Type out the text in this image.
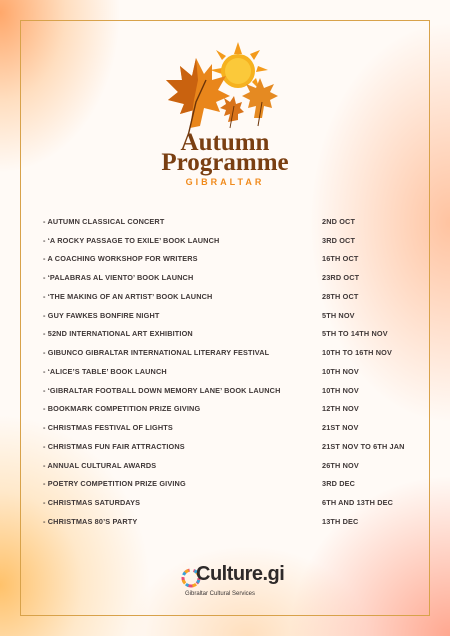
Autumn
Programme
GIBRALTAR
- AUTUMN CLASSICAL CONCERT	2ND OCT
- ‘A ROCKY PASSAGE TO EXILE’ BOOK LAUNCH	3RD OCT
- A COACHING WORKSHOP FOR WRITERS	16TH OCT
- ‘PALABRAS AL VIENTO’ BOOK LAUNCH	23RD OCT
- ‘THE MAKING OF AN ARTIST’ BOOK LAUNCH	28TH OCT
- GUY FAWKES BONFIRE NIGHT	5TH NOV
- 52ND INTERNATIONAL ART EXHIBITION	5TH TO 14TH NOV
- GIBUNCO GIBRALTAR INTERNATIONAL LITERARY FESTIVAL	10TH TO 16TH NOV
- ‘ALICE’S TABLE’ BOOK LAUNCH	10TH NOV
- ‘GIBRALTAR FOOTBALL DOWN MEMORY LANE’ BOOK LAUNCH	10TH NOV
- BOOKMARK COMPETITION PRIZE GIVING	12TH NOV
- CHRISTMAS FESTIVAL OF LIGHTS	21ST NOV
- CHRISTMAS FUN FAIR ATTRACTIONS	21ST NOV TO 6TH JAN
- ANNUAL CULTURAL AWARDS	26TH NOV
- POETRY COMPETITION PRIZE GIVING	3RD DEC
- CHRISTMAS SATURDAYS	6TH AND 13TH DEC
- CHRISTMAS 80’S PARTY	13TH DEC
Culture.gi
Gibraltar Cultural Services
